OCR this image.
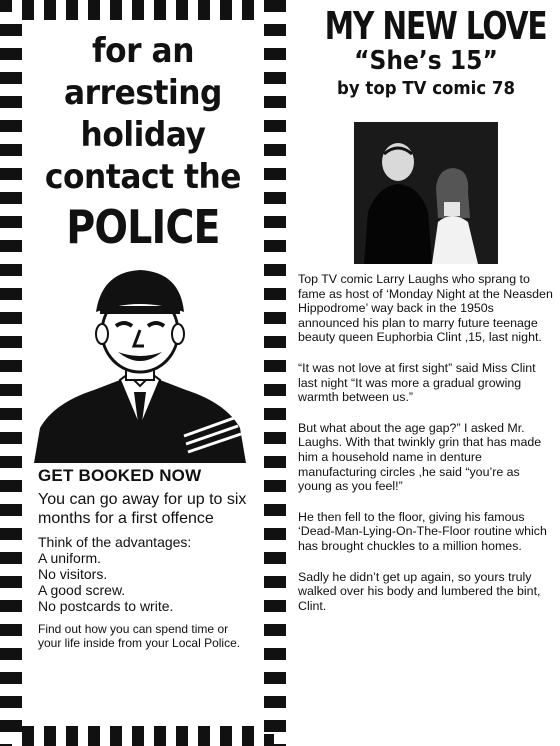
for an
arresting
holiday
contact the
POLICE
GET BOOKED NOW
You can go away for up to six months for a first offence
Think of the advantages:
A uniform.
No visitors.
A good screw.
No postcards to write.
Find out how you can spend time or your life inside from your Local Police.
MY NEW LOVE
“She’s 15”
by top TV comic 78

Top TV comic Larry Laughs who sprang to fame as host of ‘Monday Night at the Neasden Hippodrome’ way back in the 1950s announced his plan to marry future teenage beauty queen Euphorbia Clint ,15, last night.

“It was not love at first sight” said Miss Clint last night “It was more a gradual growing warmth between us.”

But what about the age gap?” I asked Mr. Laughs. With that twinkly grin that has made him a household name in denture manufacturing circles ,he said “you’re as young as you feel!”

He then fell to the floor, giving his famous ‘Dead-Man-Lying-On-The-Floor routine which has brought chuckles to a million homes.

Sadly he didn’t get up again, so yours truly walked over his body and lumbered the bint, Clint.
